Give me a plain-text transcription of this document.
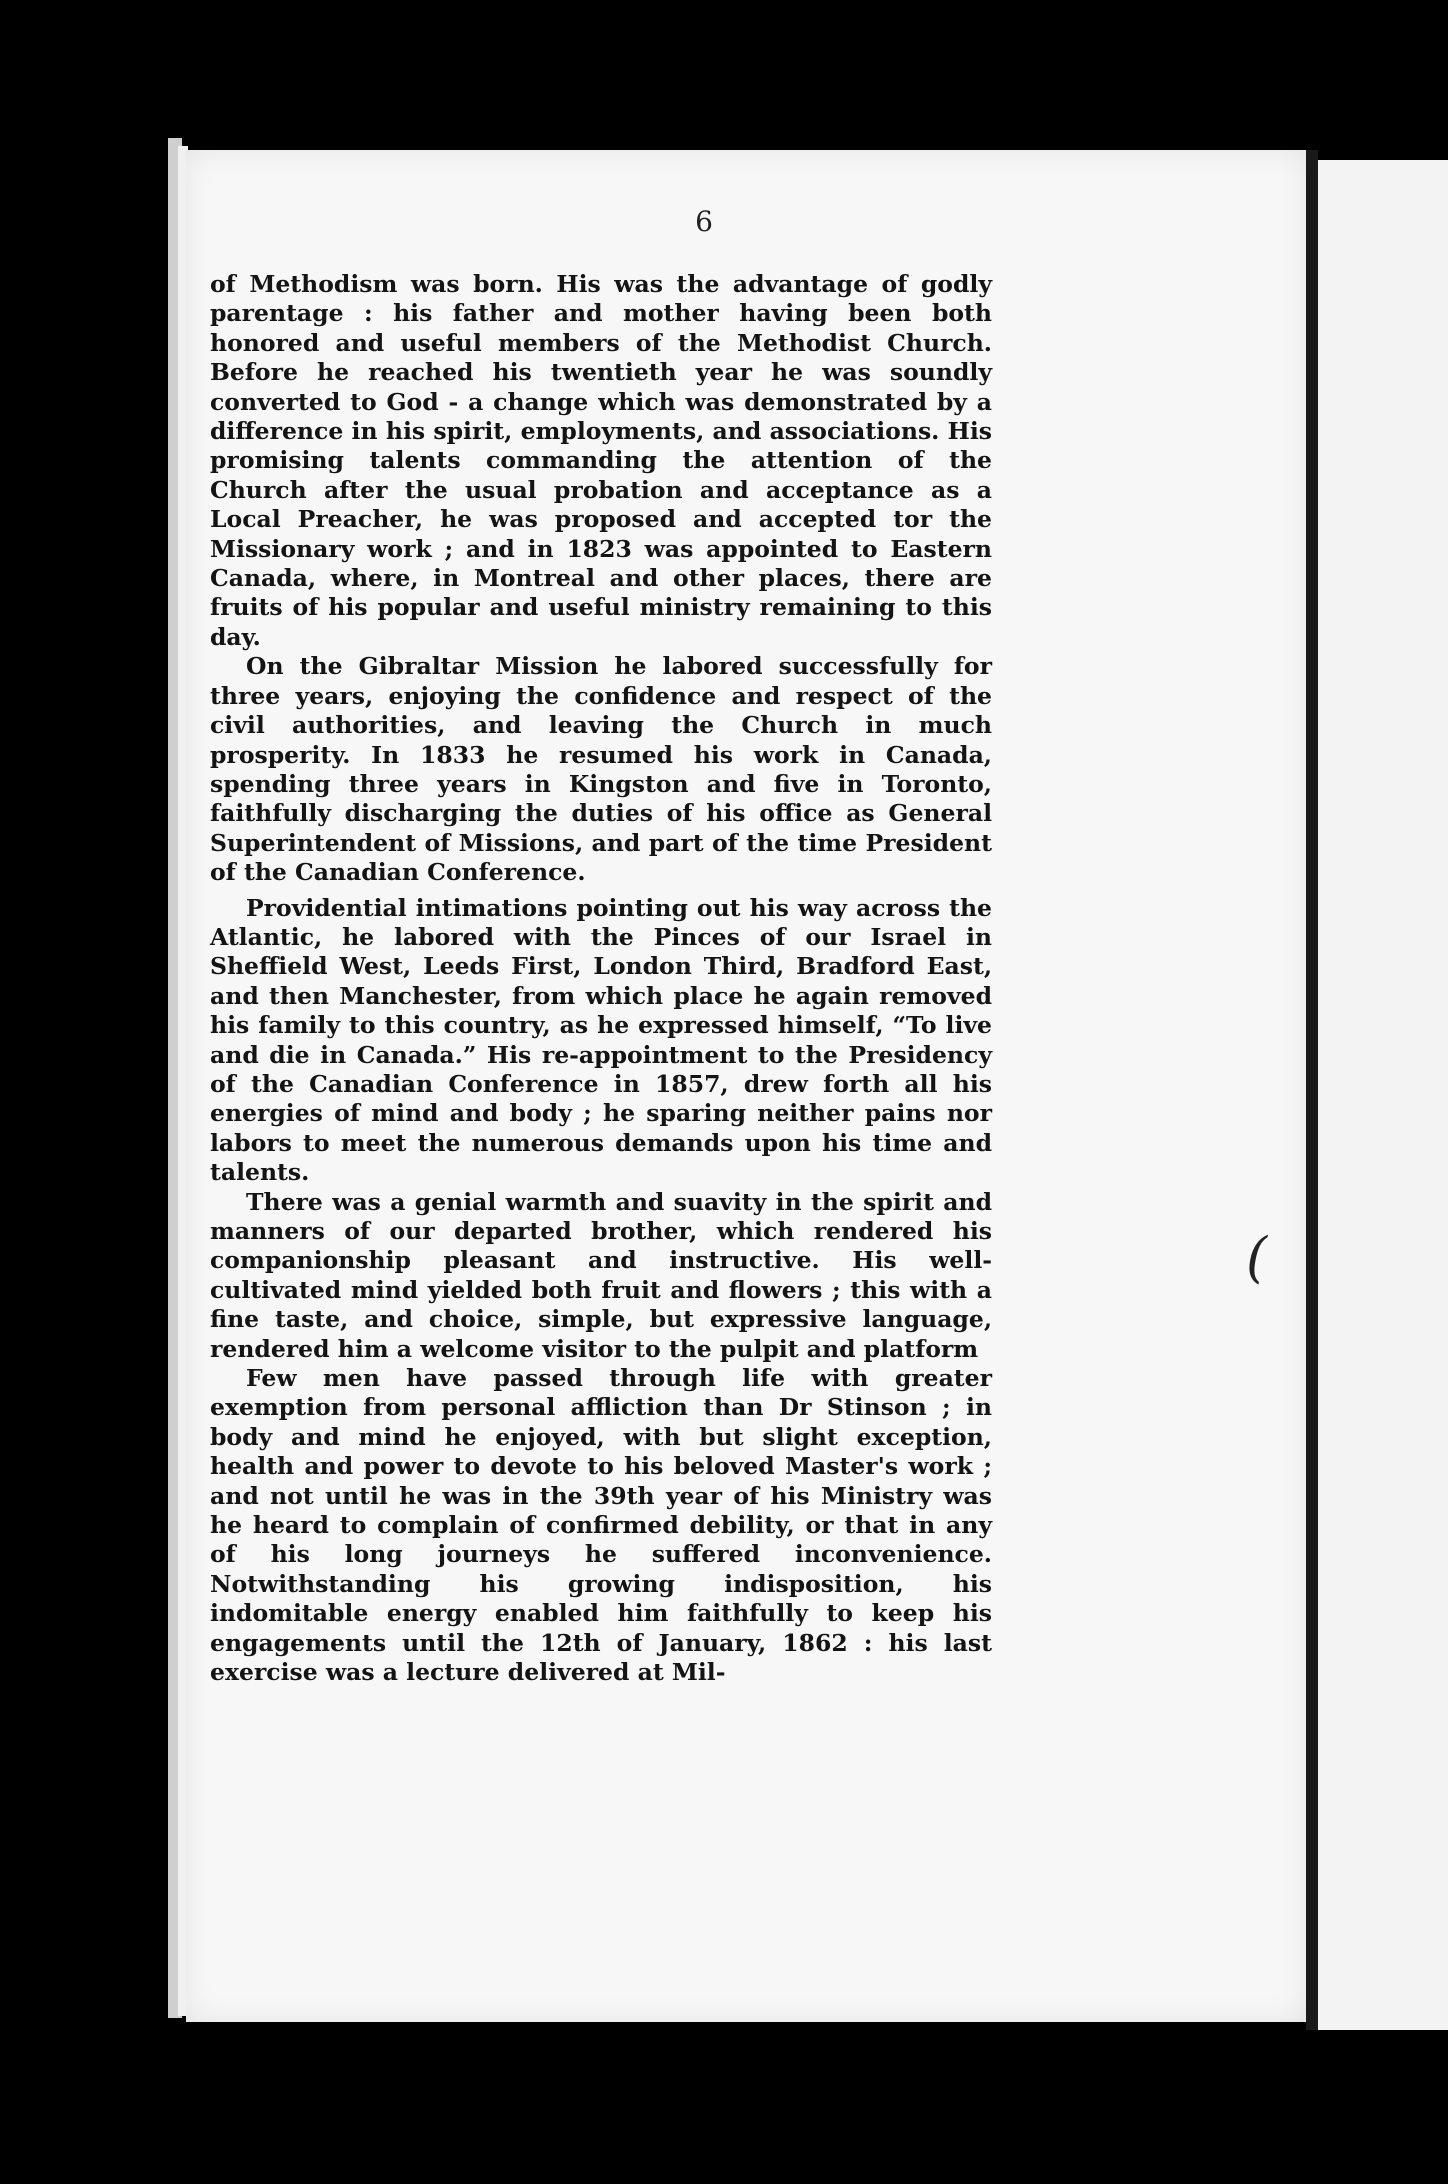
6

of Methodism was born. His was the advantage of godly parentage : his father and mother having been both honored and useful members of the Methodist Church. Before he reached his twentieth year he was soundly converted to God - a change which was demonstrated by a difference in his spirit, employments, and associations. His promising talents commanding the attention of the Church after the usual probation and acceptance as a Local Preacher, he was proposed and accepted tor the Missionary work ; and in 1823 was appointed to Eastern Canada, where, in Montreal and other places, there are fruits of his popular and useful ministry remaining to this day.

On the Gibraltar Mission he labored successfully for three years, enjoying the confidence and respect of the civil authorities, and leaving the Church in much prosperity. In 1833 he resumed his work in Canada, spending three years in Kingston and five in Toronto, faithfully discharging the duties of his office as General Superintendent of Missions, and part of the time President of the Canadian Conference.

Providential intimations pointing out his way across the Atlantic, he labored with the Pinces of our Israel in Sheffield West, Leeds First, London Third, Bradford East, and then Manchester, from which place he again removed his family to this country, as he expressed himself, “To live and die in Canada.” His re-appointment to the Presidency of the Canadian Conference in 1857, drew forth all his energies of mind and body ; he sparing neither pains nor labors to meet the numerous demands upon his time and talents.

There was a genial warmth and suavity in the spirit and manners of our departed brother, which rendered his companionship pleasant and instructive. His well-cultivated mind yielded both fruit and flowers ; this with a fine taste, and choice, simple, but expressive language, rendered him a welcome visitor to the pulpit and platform

Few men have passed through life with greater exemption from personal affliction than Dr Stinson ; in body and mind he enjoyed, with but slight exception, health and power to devote to his beloved Master's work ; and not until he was in the 39th year of his Ministry was he heard to complain of confirmed debility, or that in any of his long journeys he suffered inconvenience. Notwithstanding his growing indisposition, his indomitable energy enabled him faithfully to keep his engagements until the 12th of January, 1862 : his last exercise was a lecture delivered at Mil-

(
